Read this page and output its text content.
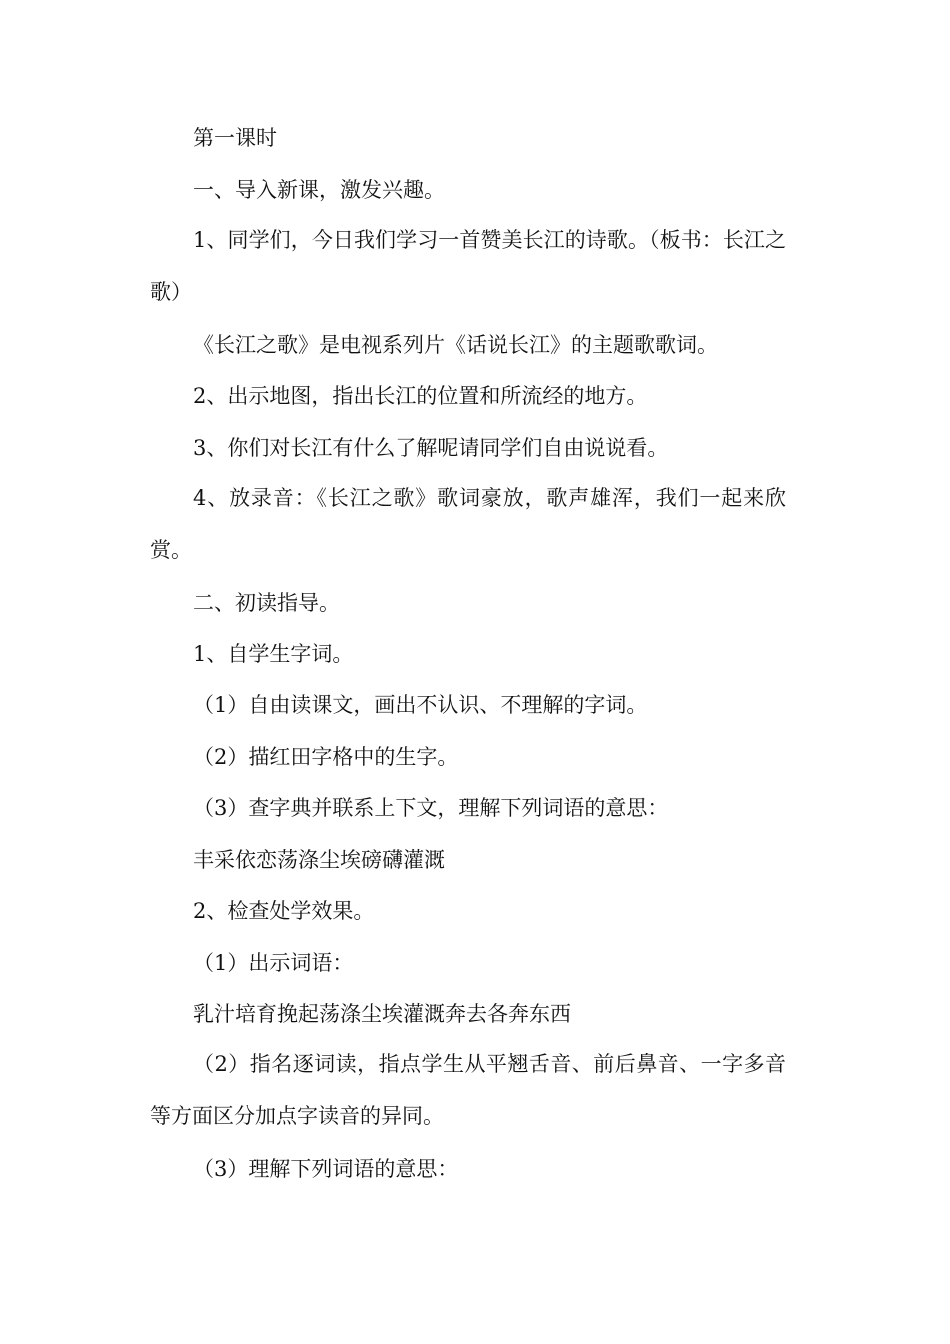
第一课时
一、导入新课，激发兴趣。
1、同学们，今日我们学习一首赞美长江的诗歌。（板书：长江之歌）
《长江之歌》是电视系列片《话说长江》的主题歌歌词。
2、出示地图，指出长江的位置和所流经的地方。
3、你们对长江有什么了解呢请同学们自由说说看。
4、放录音：《长江之歌》歌词豪放，歌声雄浑，我们一起来欣赏。
二、初读指导。
1、自学生字词。
（1）自由读课文，画出不认识、不理解的字词。
（2）描红田字格中的生字。
（3）查字典并联系上下文，理解下列词语的意思：
丰采依恋荡涤尘埃磅礴灌溉
2、检查处学效果。
（1）出示词语：
乳汁培育挽起荡涤尘埃灌溉奔去各奔东西
（2）指名逐词读，指点学生从平翘舌音、前后鼻音、一字多音等方面区分加点字读音的异同。
（3）理解下列词语的意思：
